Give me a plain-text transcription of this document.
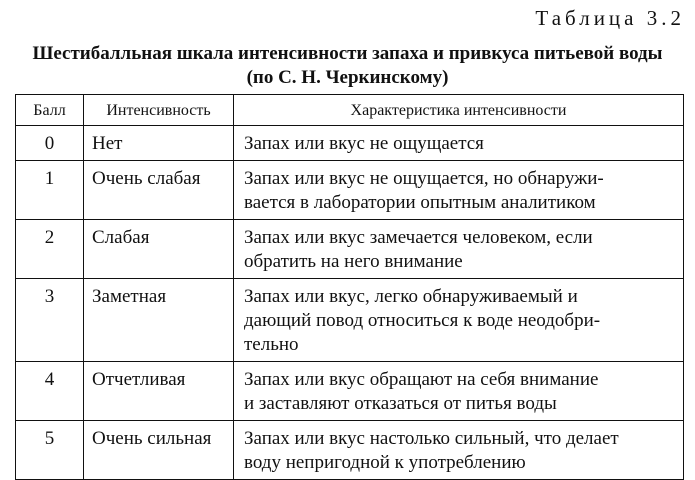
Таблица 3.2
Шестибалльная шкала интенсивности запаха и привкуса питьевой воды
(по С. Н. Черкинскому)
Балл	Интенсивность	Характеристика интенсивности
0	Нет	Запах или вкус не ощущается

1	Очень слабая	Запах или вкус не ощущается, но обнаружи-
вается в лаборатории опытным аналитиком

2	Слабая	Запах или вкус замечается человеком, если
обратить на него внимание

3	Заметная	Запах или вкус, легко обнаруживаемый и
дающий повод относиться к воде неодобри-
тельно

4	Отчетливая	Запах или вкус обращают на себя внимание
и заставляют отказаться от питья воды

5	Очень сильная	Запах или вкус настолько сильный, что делает
воду непригодной к употреблению
